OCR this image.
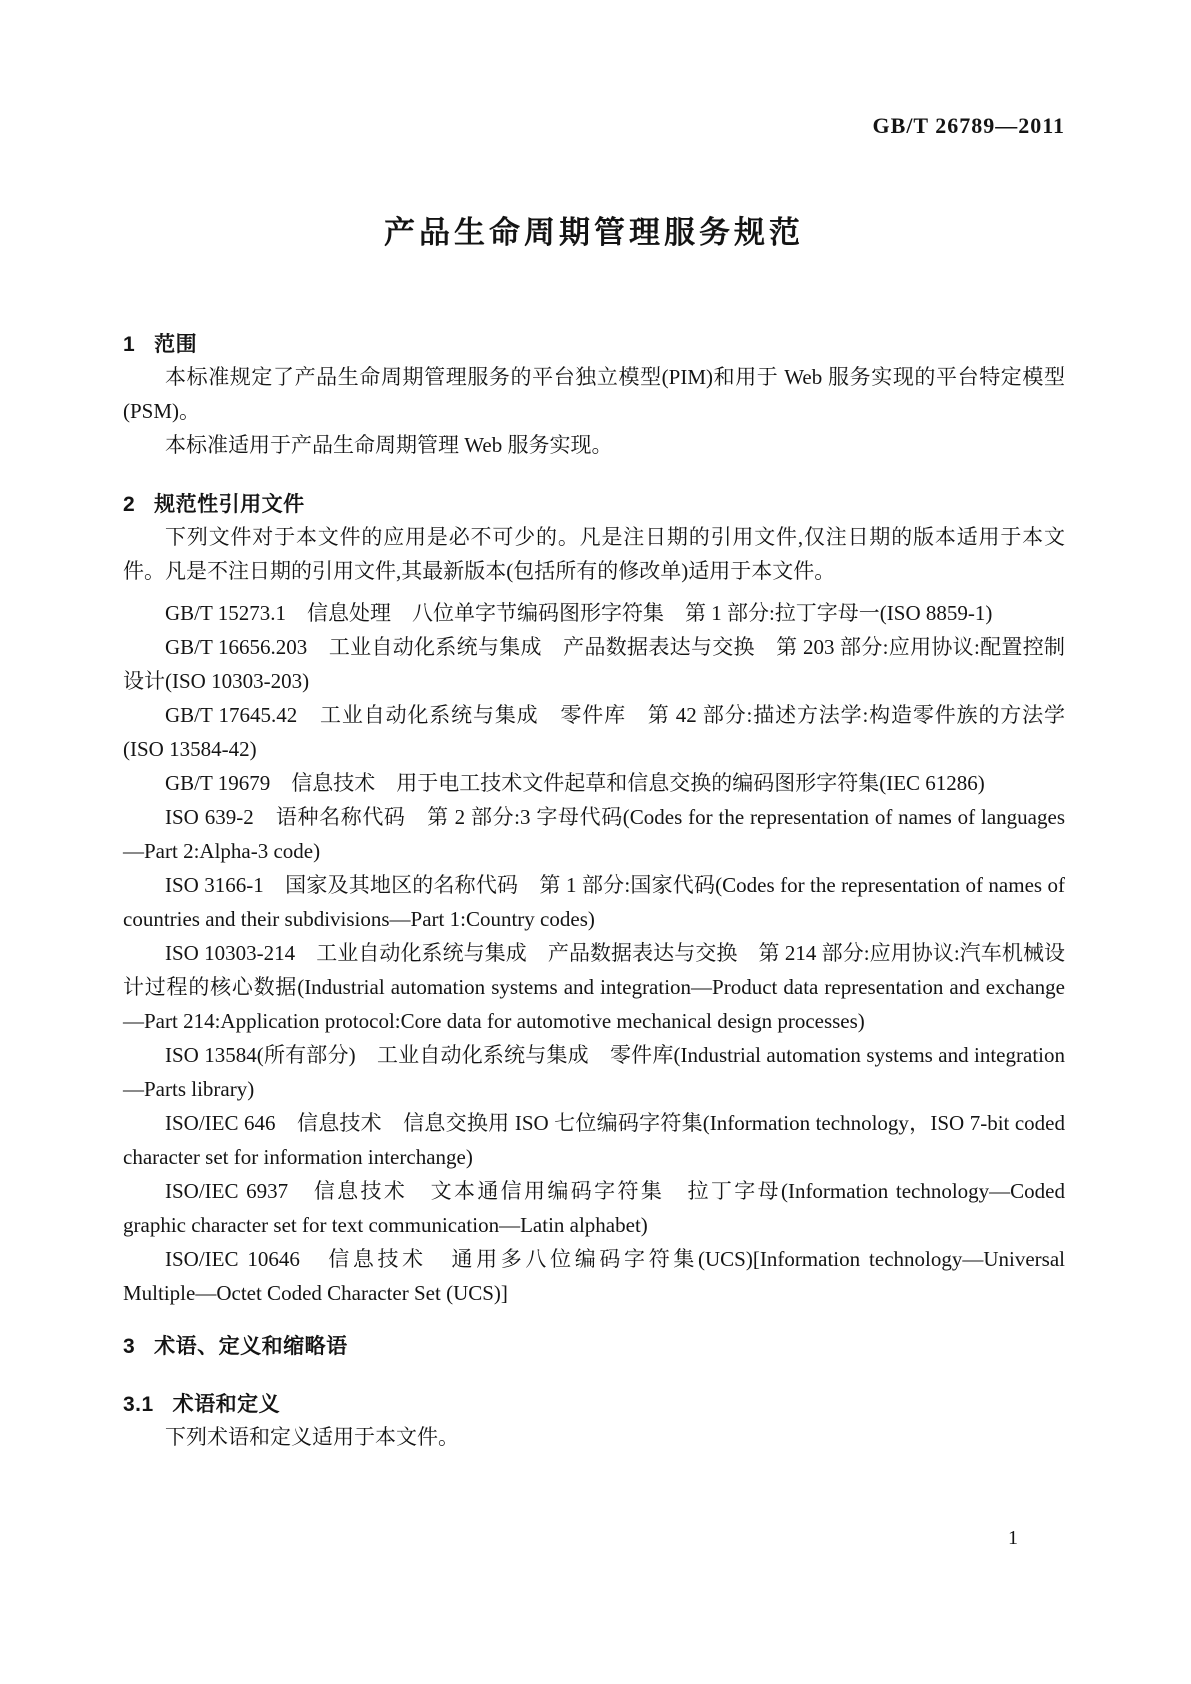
GB/T 26789—2011
产品生命周期管理服务规范
1 范围

本标准规定了产品生命周期管理服务的平台独立模型(PIM)和用于 Web 服务实现的平台特定模型(PSM)。

本标准适用于产品生命周期管理 Web 服务实现。

2 规范性引用文件

下列文件对于本文件的应用是必不可少的。凡是注日期的引用文件,仅注日期的版本适用于本文件。凡是不注日期的引用文件,其最新版本(包括所有的修改单)适用于本文件。

GB/T 15273.1　信息处理　八位单字节编码图形字符集　第 1 部分:拉丁字母一(ISO 8859-1)

GB/T 16656.203　工业自动化系统与集成　产品数据表达与交换　第 203 部分:应用协议:配置控制设计(ISO 10303-203)

GB/T 17645.42　工业自动化系统与集成　零件库　第 42 部分:描述方法学:构造零件族的方法学(ISO 13584-42)

GB/T 19679　信息技术　用于电工技术文件起草和信息交换的编码图形字符集(IEC 61286)

ISO 639-2　语种名称代码　第 2 部分:3 字母代码(Codes for the representation of names of languages—Part 2:Alpha-3 code)

ISO 3166-1　国家及其地区的名称代码　第 1 部分:国家代码(Codes for the representation of names of countries and their subdivisions—Part 1:Country codes)

ISO 10303-214　工业自动化系统与集成　产品数据表达与交换　第 214 部分:应用协议:汽车机械设计过程的核心数据(Industrial automation systems and integration—Product data representation and exchange—Part 214:Application protocol:Core data for automotive mechanical design processes)

ISO 13584(所有部分)　工业自动化系统与集成　零件库(Industrial automation systems and integration—Parts library)

ISO/IEC 646　信息技术　信息交换用 ISO 七位编码字符集(Information technology，ISO 7-bit coded character set for information interchange)

ISO/IEC 6937　信息技术　文本通信用编码字符集　拉丁字母(Information technology—Coded graphic character set for text communication—Latin alphabet)

ISO/IEC 10646　信息技术　通用多八位编码字符集(UCS)[Information technology—Universal Multiple—Octet Coded Character Set (UCS)]

3 术语、定义和缩略语
3.1 术语和定义

下列术语和定义适用于本文件。

1
